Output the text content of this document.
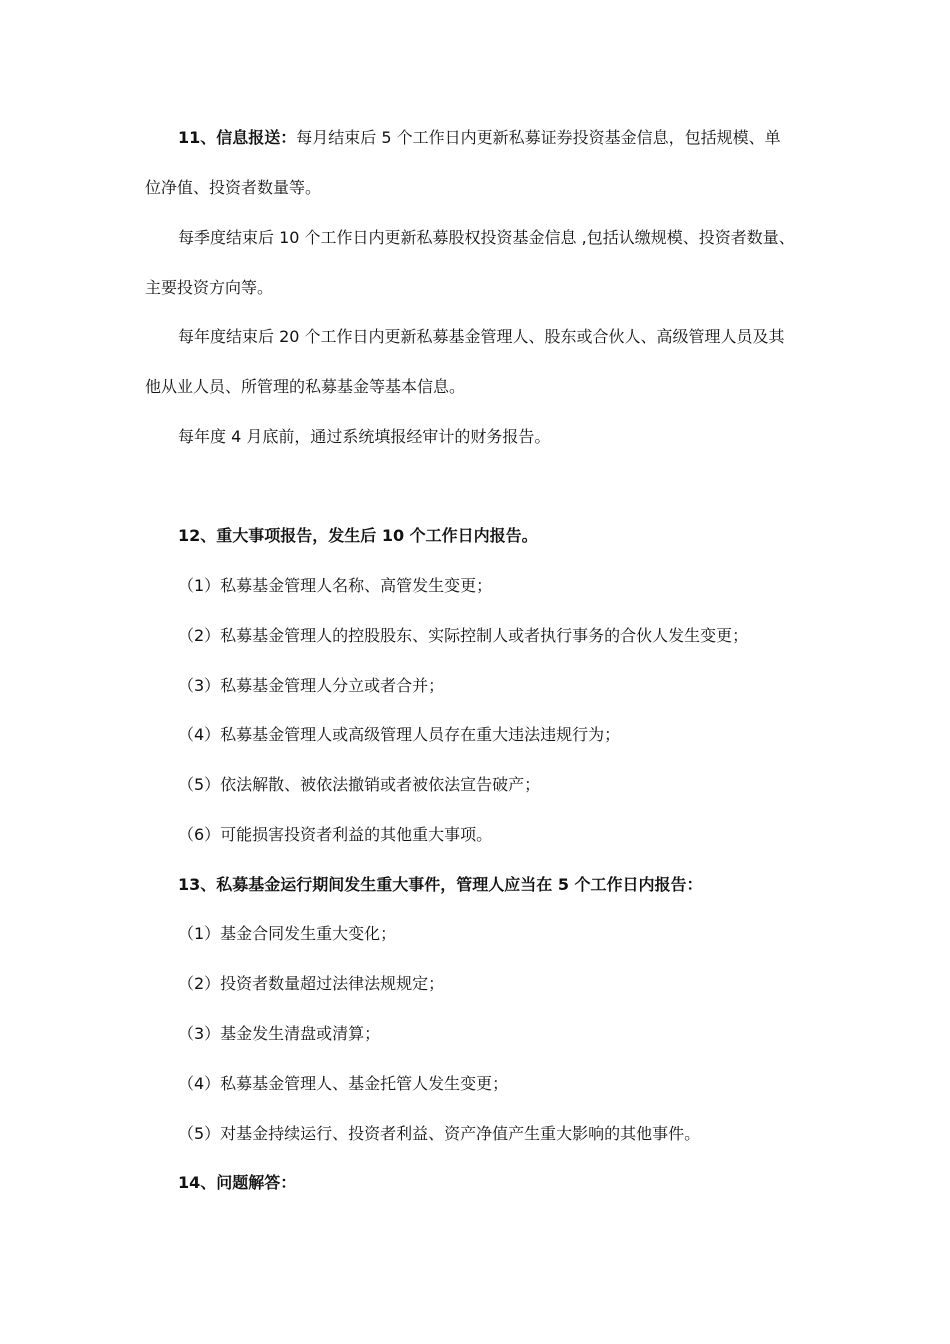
11、信息报送：每月结束后 5 个工作日内更新私募证券投资基金信息，包括规模、单
位净值、投资者数量等。
每季度结束后 10 个工作日内更新私募股权投资基金信息 ,包括认缴规模、投资者数量、
主要投资方向等。
每年度结束后 20 个工作日内更新私募基金管理人、股东或合伙人、高级管理人员及其
他从业人员、所管理的私募基金等基本信息。
每年度 4 月底前，通过系统填报经审计的财务报告。
12、重大事项报告，发生后 10 个工作日内报告。
（1）私募基金管理人名称、高管发生变更；
（2）私募基金管理人的控股股东、实际控制人或者执行事务的合伙人发生变更；
（3）私募基金管理人分立或者合并；
（4）私募基金管理人或高级管理人员存在重大违法违规行为；
（5）依法解散、被依法撤销或者被依法宣告破产；
（6）可能损害投资者利益的其他重大事项。
13、私募基金运行期间发生重大事件，管理人应当在 5 个工作日内报告：
（1）基金合同发生重大变化；
（2）投资者数量超过法律法规规定；
（3）基金发生清盘或清算；
（4）私募基金管理人、基金托管人发生变更；
（5）对基金持续运行、投资者利益、资产净值产生重大影响的其他事件。
14、问题解答：
